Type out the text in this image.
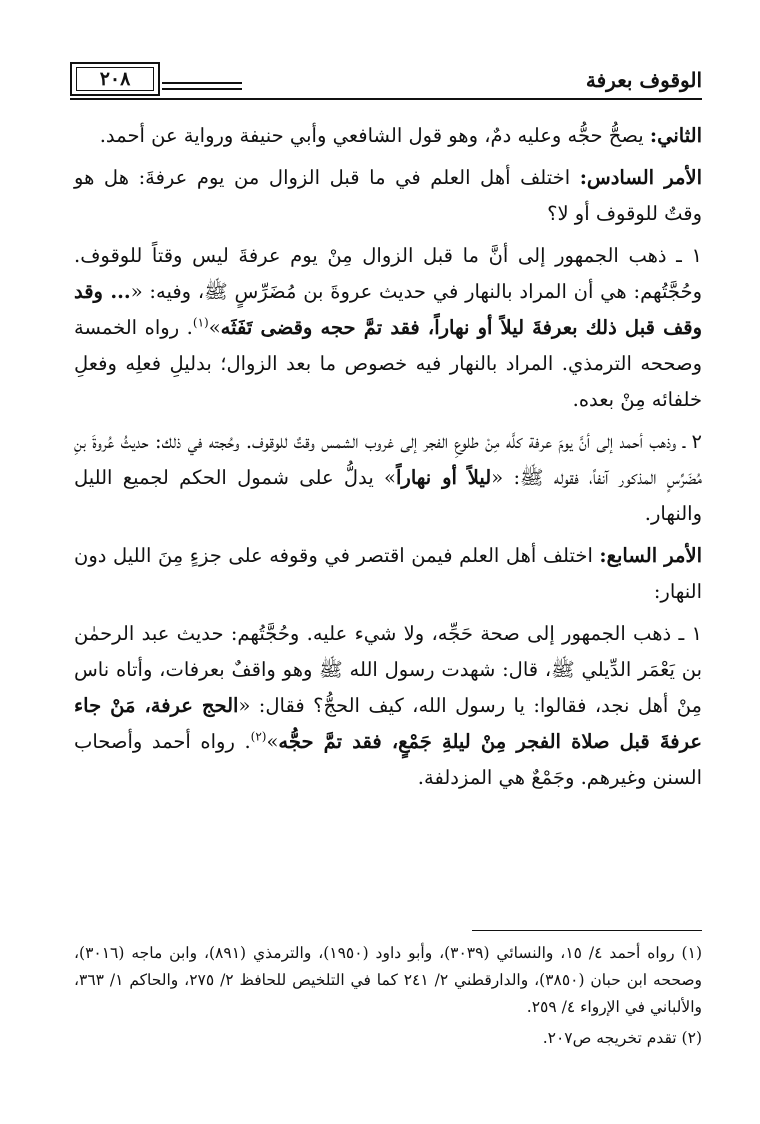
٢٠٨	الوقوف بعرفة

الثاني: يصحُّ حجُّه وعليه دمٌ، وهو قول الشافعي وأبي حنيفة ورواية عن أحمد.

الأمر السادس: اختلف أهل العلم في ما قبل الزوال من يوم عرفةَ: هل هو وقتٌ للوقوف أو لا؟

١ ـ ذهب الجمهور إلى أنَّ ما قبل الزوال مِنْ يوم عرفةَ ليس وقتاً للوقوف. وحُجَّتُهم: هي أن المراد بالنهار في حديث عروةَ بن مُضَرِّسٍ ﷺ، وفيه: «... وقد وقف قبل ذلك بعرفةَ ليلاً أو نهاراً، فقد تمَّ حجه وقضى تَفَثَه»$^{(١)}$. رواه الخمسة وصححه الترمذي. المراد بالنهار فيه خصوص ما بعد الزوال؛ بدليلِ فعلِه وفعلِ خلفائه مِنْ بعده.

٢ ـ وذهب أحمد إلى أنَّ يومَ عرفة كلَّه مِنْ طلوعِ الفجر إلى غروب الشمس وقتٌ للوقوف. وحُجته في ذلك: حديثُ عُروةَ بنِ مُضَرِّسٍ المذكور آنفاً، فقوله ﷺ: «ليلاً أو نهاراً» يدلُّ على شمول الحكم لجميع الليل والنهار.

الأمر السابع: اختلف أهل العلم فيمن اقتصر في وقوفه على جزءٍ مِنَ الليل دون النهار:

١ ـ ذهب الجمهور إلى صحة حَجِّه، ولا شيء عليه. وحُجَّتُهم: حديث عبد الرحمٰن بن يَعْمَر الدِّيلي ﷺ، قال: شهدت رسول الله ﷺ وهو واقفٌ بعرفات، وأتاه ناس مِنْ أهل نجد، فقالوا: يا رسول الله، كيف الحجُّ؟ فقال: «الحج عرفة، مَنْ جاء عرفةَ قبل صلاة الفجر مِنْ ليلةِ جَمْعٍ، فقد تمَّ حجُّه»$^{(٢)}$. رواه أحمد وأصحاب السنن وغيرهم. وجَمْعٌ هي المزدلفة.

(١) رواه أحمد ٤/ ١٥، والنسائي (٣٠٣٩)، وأبو داود (١٩٥٠)، والترمذي (٨٩١)، وابن ماجه (٣٠١٦)، وصححه ابن حبان (٣٨٥٠)، والدارقطني ٢/ ٢٤١ كما في التلخيص للحافظ ٢/ ٢٧٥، والحاكم ١/ ٣٦٣، والألباني في الإرواء ٤/ ٢٥٩.

(٢) تقدم تخريجه ص٢٠٧.
